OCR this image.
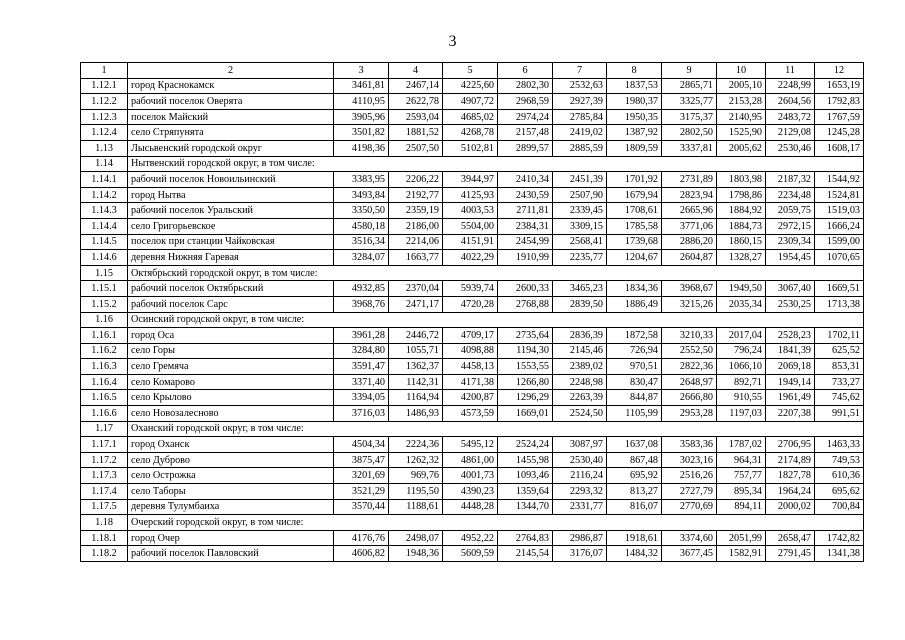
3
1	2	3	4	5	6	7	8	9	10	11	12
1.12.1	город Краснокамск	3461,81	2467,14	4225,60	2802,30	2532,63	1837,53	2865,71	2005,10	2248,99	1653,19
1.12.2	рабочий поселок Оверята	4110,95	2622,78	4907,72	2968,59	2927,39	1980,37	3325,77	2153,28	2604,56	1792,83
1.12.3	поселок Майский	3905,96	2593,04	4685,02	2974,24	2785,84	1950,35	3175,37	2140,95	2483,72	1767,59
1.12.4	село Стряпунята	3501,82	1881,52	4268,78	2157,48	2419,02	1387,92	2802,50	1525,90	2129,08	1245,28
1.13	Лысьвенский городской округ	4198,36	2507,50	5102,81	2899,57	2885,59	1809,59	3337,81	2005,62	2530,46	1608,17
1.14	Нытвенский городской округ, в том числе:										
1.14.1	рабочий поселок Новоильинский	3383,95	2206,22	3944,97	2410,34	2451,39	1701,92	2731,89	1803,98	2187,32	1544,92
1.14.2	город Нытва	3493,84	2192,77	4125,93	2430,59	2507,90	1679,94	2823,94	1798,86	2234,48	1524,81
1.14.3	рабочий поселок Уральский	3350,50	2359,19	4003,53	2711,81	2339,45	1708,61	2665,96	1884,92	2059,75	1519,03
1.14.4	село Григорьевское	4580,18	2186,00	5504,00	2384,31	3309,15	1785,58	3771,06	1884,73	2972,15	1666,24
1.14.5	поселок при станции Чайковская	3516,34	2214,06	4151,91	2454,99	2568,41	1739,68	2886,20	1860,15	2309,34	1599,00
1.14.6	деревня Нижняя Гаревая	3284,07	1663,77	4022,29	1910,99	2235,77	1204,67	2604,87	1328,27	1954,45	1070,65
1.15	Октябрьский городской округ, в том числе:										
1.15.1	рабочий поселок Октябрьский	4932,85	2370,04	5939,74	2600,33	3465,23	1834,36	3968,67	1949,50	3067,40	1669,51
1.15.2	рабочий поселок Сарс	3968,76	2471,17	4720,28	2768,88	2839,50	1886,49	3215,26	2035,34	2530,25	1713,38
1.16	Осинский городской округ, в том числе:										
1.16.1	город Оса	3961,28	2446,72	4709,17	2735,64	2836,39	1872,58	3210,33	2017,04	2528,23	1702,11
1.16.2	село Горы	3284,80	1055,71	4098,88	1194,30	2145,46	726,94	2552,50	796,24	1841,39	625,52
1.16.3	село Гремяча	3591,47	1362,37	4458,13	1553,55	2389,02	970,51	2822,36	1066,10	2069,18	853,31
1.16.4	село Комарово	3371,40	1142,31	4171,38	1266,80	2248,98	830,47	2648,97	892,71	1949,14	733,27
1.16.5	село Крылово	3394,05	1164,94	4200,87	1296,29	2263,39	844,87	2666,80	910,55	1961,49	745,62
1.16.6	село Новозалесново	3716,03	1486,93	4573,59	1669,01	2524,50	1105,99	2953,28	1197,03	2207,38	991,51
1.17	Оханский городской округ, в том числе:										
1.17.1	город Оханск	4504,34	2224,36	5495,12	2524,24	3087,97	1637,08	3583,36	1787,02	2706,95	1463,33
1.17.2	село Дуброво	3875,47	1262,32	4861,00	1455,98	2530,40	867,48	3023,16	964,31	2174,89	749,53
1.17.3	село Острожка	3201,69	969,76	4001,73	1093,46	2116,24	695,92	2516,26	757,77	1827,78	610,36
1.17.4	село Таборы	3521,29	1195,50	4390,23	1359,64	2293,32	813,27	2727,79	895,34	1964,24	695,62
1.17.5	деревня Тулумбаиха	3570,44	1188,61	4448,28	1344,70	2331,77	816,07	2770,69	894,11	2000,02	700,84
1.18	Очерский городской округ, в том числе:										
1.18.1	город Очер	4176,76	2498,07	4952,22	2764,83	2986,87	1918,61	3374,60	2051,99	2658,47	1742,82
1.18.2	рабочий поселок Павловский	4606,82	1948,36	5609,59	2145,54	3176,07	1484,32	3677,45	1582,91	2791,45	1341,38
